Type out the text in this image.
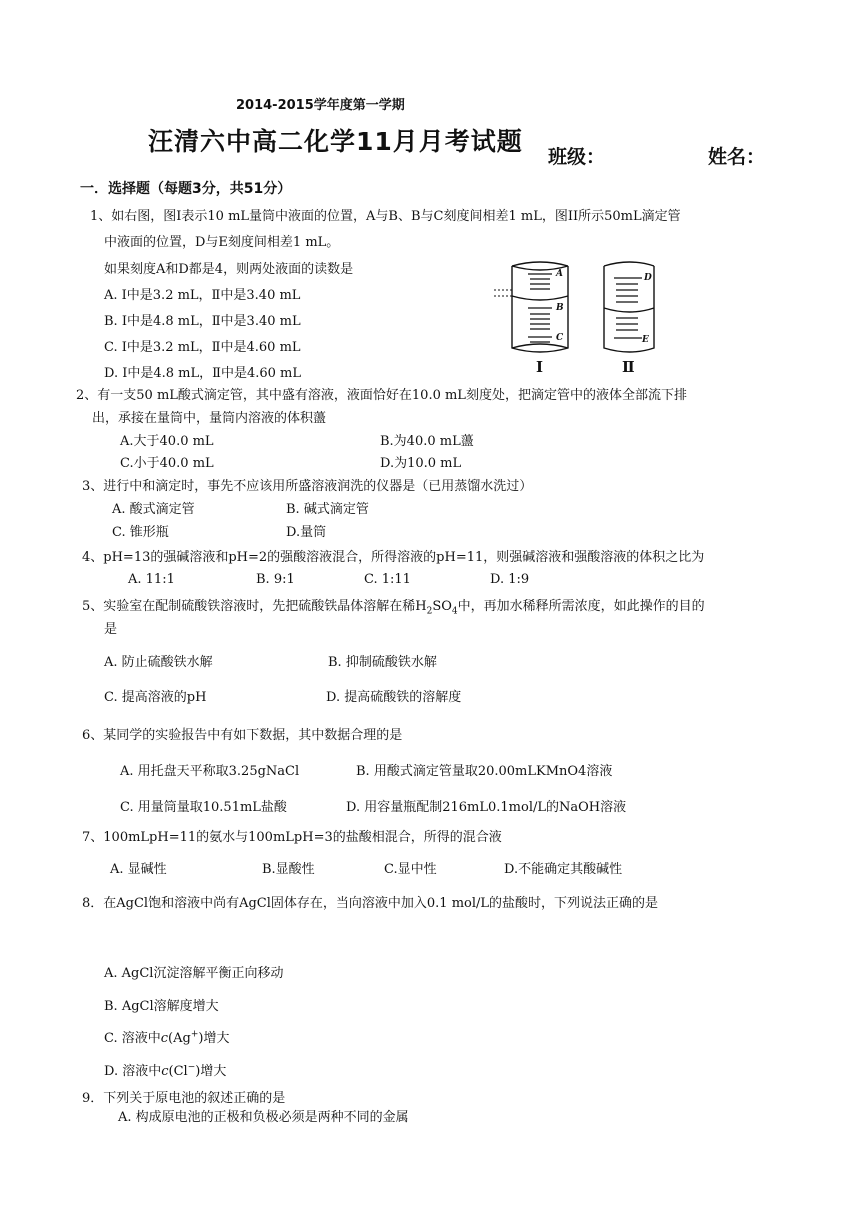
2014-2015学年度第一学期
汪清六中高二化学11月月考试题
班级：	姓名：
一．选择题（每题3分，共51分）
1、如右图，图Ⅰ表示10 mL量筒中液面的位置，A与B、B与C刻度间相差1 mL，图II所示50mL滴定管
中液面的位置，D与E刻度间相差1 mL。
如果刻度A和D都是4，则两处液面的读数是
A. Ⅰ中是3.2 mL，Ⅱ中是3.40 mL
B. Ⅰ中是4.8 mL，Ⅱ中是3.40 mL
C. Ⅰ中是3.2 mL，Ⅱ中是4.60 mL
D. Ⅰ中是4.8 mL，Ⅱ中是4.60 mL
A
B
C
D
E
Ⅰ	Ⅱ
2、有一支50 mL酸式滴定管，其中盛有溶液，液面恰好在10.0 mL刻度处，把滴定管中的液体全部流下排
出，承接在量筒中，量筒内溶液的体积蘯
A.大于40.0 mL	B.为40.0 mL蘯
C.小于40.0 mL	D.为10.0 mL
3、进行中和滴定时，事先不应该用所盛溶液润洗的仪器是（已用蒸馏水洗过）
A. 酸式滴定管	B. 碱式滴定管
C. 锥形瓶	D.量筒
4、pH=13的强碱溶液和pH=2的强酸溶液混合，所得溶液的pH=11，则强碱溶液和强酸溶液的体积之比为
A. 11:1	B. 9:1	C. 1:11	D. 1:9
5、实验室在配制硫酸铁溶液时，先把硫酸铁晶体溶解在稀$H_2SO_4$中，再加水稀释所需浓度，如此操作的目的
是
A. 防止硫酸铁水解	B. 抑制硫酸铁水解
C. 提高溶液的pH	D. 提高硫酸铁的溶解度
6、某同学的实验报告中有如下数据，其中数据合理的是
A. 用托盘天平称取3.25gNaCl	B. 用酸式滴定管量取20.00mLKMnO4溶液
C. 用量筒量取10.51mL盐酸	D. 用容量瓶配制216mL0.1mol/L的NaOH溶液
7、100mLpH=11的氨水与100mLpH=3的盐酸相混合，所得的混合液
A. 显碱性	B.显酸性	C.显中性	D.不能确定其酸碱性
8．在AgCl饱和溶液中尚有AgCl固体存在，当向溶液中加入0.1 mol/L的盐酸时，下列说法正确的是
A. AgCl沉淀溶解平衡正向移动
B. AgCl溶解度增大
C. 溶液中c(Ag+)增大
D. 溶液中c(Cl−)增大
9．下列关于原电池的叙述正确的是
A. 构成原电池的正极和负极必须是两种不同的金属
